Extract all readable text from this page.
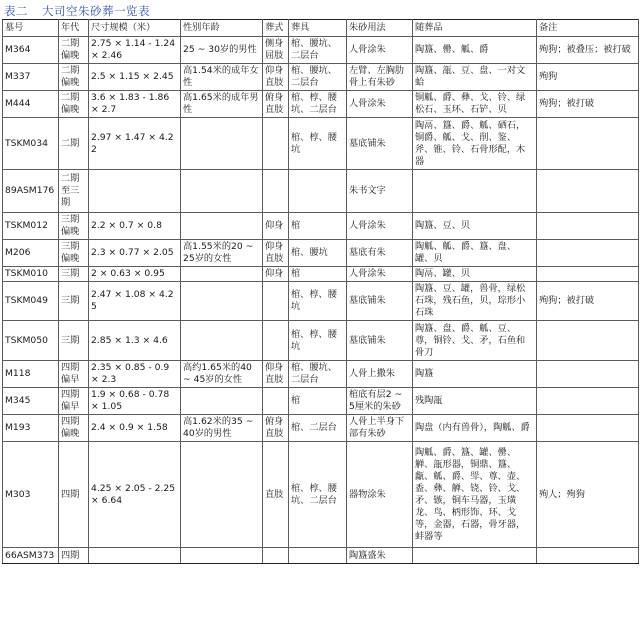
表二 大司空朱砂葬一览表
墓号	年代	尺寸规模（米）	性别年龄	葬式	葬具	朱砂用法	随葬品	备注
M364	二期偏晚	2.75 × 1.14 - 1.24 × 2.46	25 ~ 30岁的男性	侧身屈肢	棺、腰坑、二层台	人骨涂朱	陶簋、罍、觚、爵	殉狗；被叠压；被打破
M337	二期偏晚	2.5 × 1.15 × 2.45	高1.54米的成年女性	仰身直肢	棺、腰坑、二层台	左臂、左胸肋骨上有朱砂	陶簋、瓿、豆、盘、一对文蛤	殉狗
M444	二期偏晚	3.6 × 1.83 - 1.86 × 2.7	高1.65米的成年男性	俯身直肢	棺、椁、腰坑、二层台	人骨涂朱	铜觚、爵、彝、戈、铃、绿松石、玉环、石铲、贝	殉狗；被打破
TSKM034	二期	2.97 × 1.47 × 4.22			棺、椁、腰坑	墓底铺朱	陶鬲、簋、爵、觚、硒石，铜爵、觚、戈、削、鉴、斧、锥、铃、石骨形配，木器	
89ASM176	二期至三期					朱书文字		
TSKM012	三期偏晚	2.2 × 0.7 × 0.8		仰身	棺	人骨涂朱	陶簋、豆、贝	
M206	三期偏晚	2.3 × 0.77 × 2.05	高1.55米的20 ~ 25岁的女性	仰身直肢	棺、腰坑	墓底有朱	陶觚、觚、爵、簋、盘、罐、贝	
TSKM010	三期	2 × 0.63 × 0.95		仰身	棺	人骨涂朱	陶鬲、罐、贝	
TSKM049	三期	2.47 × 1.08 × 4.25			棺、椁、腰坑	墓底铺朱	陶簋、豆、罐，兽骨，绿松石珠，残石鱼，贝，琮形小石珠	殉狗；被打破
TSKM050	三期	2.85 × 1.3 × 4.6			棺、椁、腰坑	墓底铺朱	陶簋、盘、爵、觚、豆、尊，铜铃、戈、矛，石鱼和骨刀	
M118	四期偏早	2.35 × 0.85 - 0.9 × 2.3	高约1.65米的40 ~ 45岁的女性	仰身直肢	棺、腰坑、二层台	人骨上撒朱	陶簋	
M345	四期偏早	1.9 × 0.68 - 0.78 × 1.05			棺	棺底有层2 ~ 5厘米的朱砂	残陶瓿	
M193	四期偏晚	2.4 × 0.9 × 1.58	高1.62米的35 ~ 40岁的男性	俯身直肢	棺、二层台	人骨上半身下部有朱砂	陶盘（内有兽骨），陶觚、爵	
M303	四期	4.25 × 2.05 - 2.25 × 6.64		直肢	棺、椁、腰坑、二层台	器物涂朱	陶觚、爵、簋、罐、罍、觯、瓿形器，铜鼎、簋、甗、觚、爵、斝、尊、壶、盉、彝、觯、铙、铃、戈、矛、镞，铜车马器，玉璜龙、鸟、柄形饰、环、戈等，金器，石器，骨牙器，蚌器等	殉人；殉狗
66ASM373	四期					陶簋盛朱		
